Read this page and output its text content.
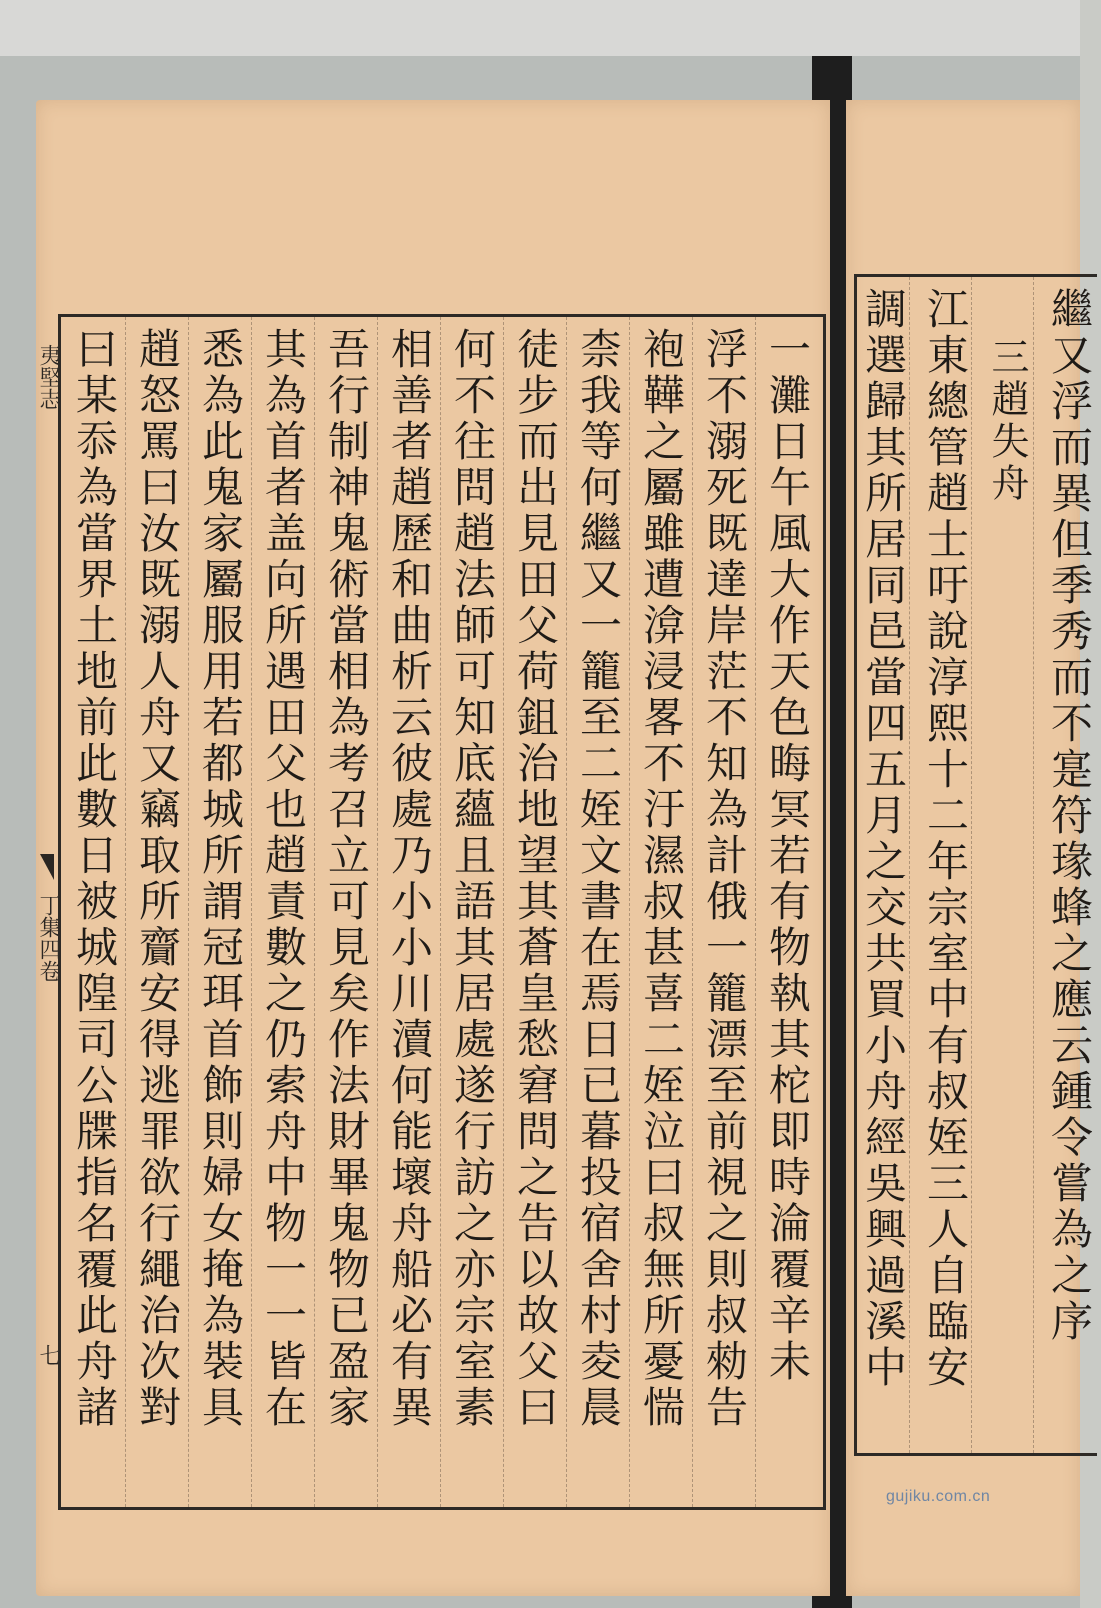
夷堅志
丁集四卷
七	一灘日午風大作天色晦冥若有物執其柁即時淪覆辛未
浮不溺死既達岸茫不知為計俄一籠漂至前視之則叔勑告
袍鞾之屬雖遭渰浸畧不汙濕叔甚喜二姪泣曰叔無所憂惴
柰我等何繼又一籠至二姪文書在焉日已暮投宿舍村夌晨
徒步而出見田父荷鉏治地望其蒼皇愁窘問之告以故父曰
何不往問趙法師可知底蘊且語其居處遂行訪之亦宗室素
相善者趙歷和曲析云彼處乃小小川瀆何能壞舟船必有異
吾行制神鬼術當相為考召立可見矣作法財畢鬼物已盈家
其為首者盖向所遇田父也趙責數之仍索舟中物一一皆在
悉為此鬼家屬服用若都城所謂冠珥首飾則婦女掩為裝具
趙怒罵曰汝既溺人舟又竊取所齎安得逃罪欲行繩治次對
曰某忝為當界土地前此數日被城隍司公牒指名覆此舟諸	繼又浮而異但季秀而不寔符瑑蜂之應云鍾令嘗為之序
三趙失舟
江東總管趙士吁說淳熙十二年宗室中有叔姪三人自臨安
調選歸其所居同邑當四五月之交共買小舟經吳興過溪中
gujiku.com.cn
